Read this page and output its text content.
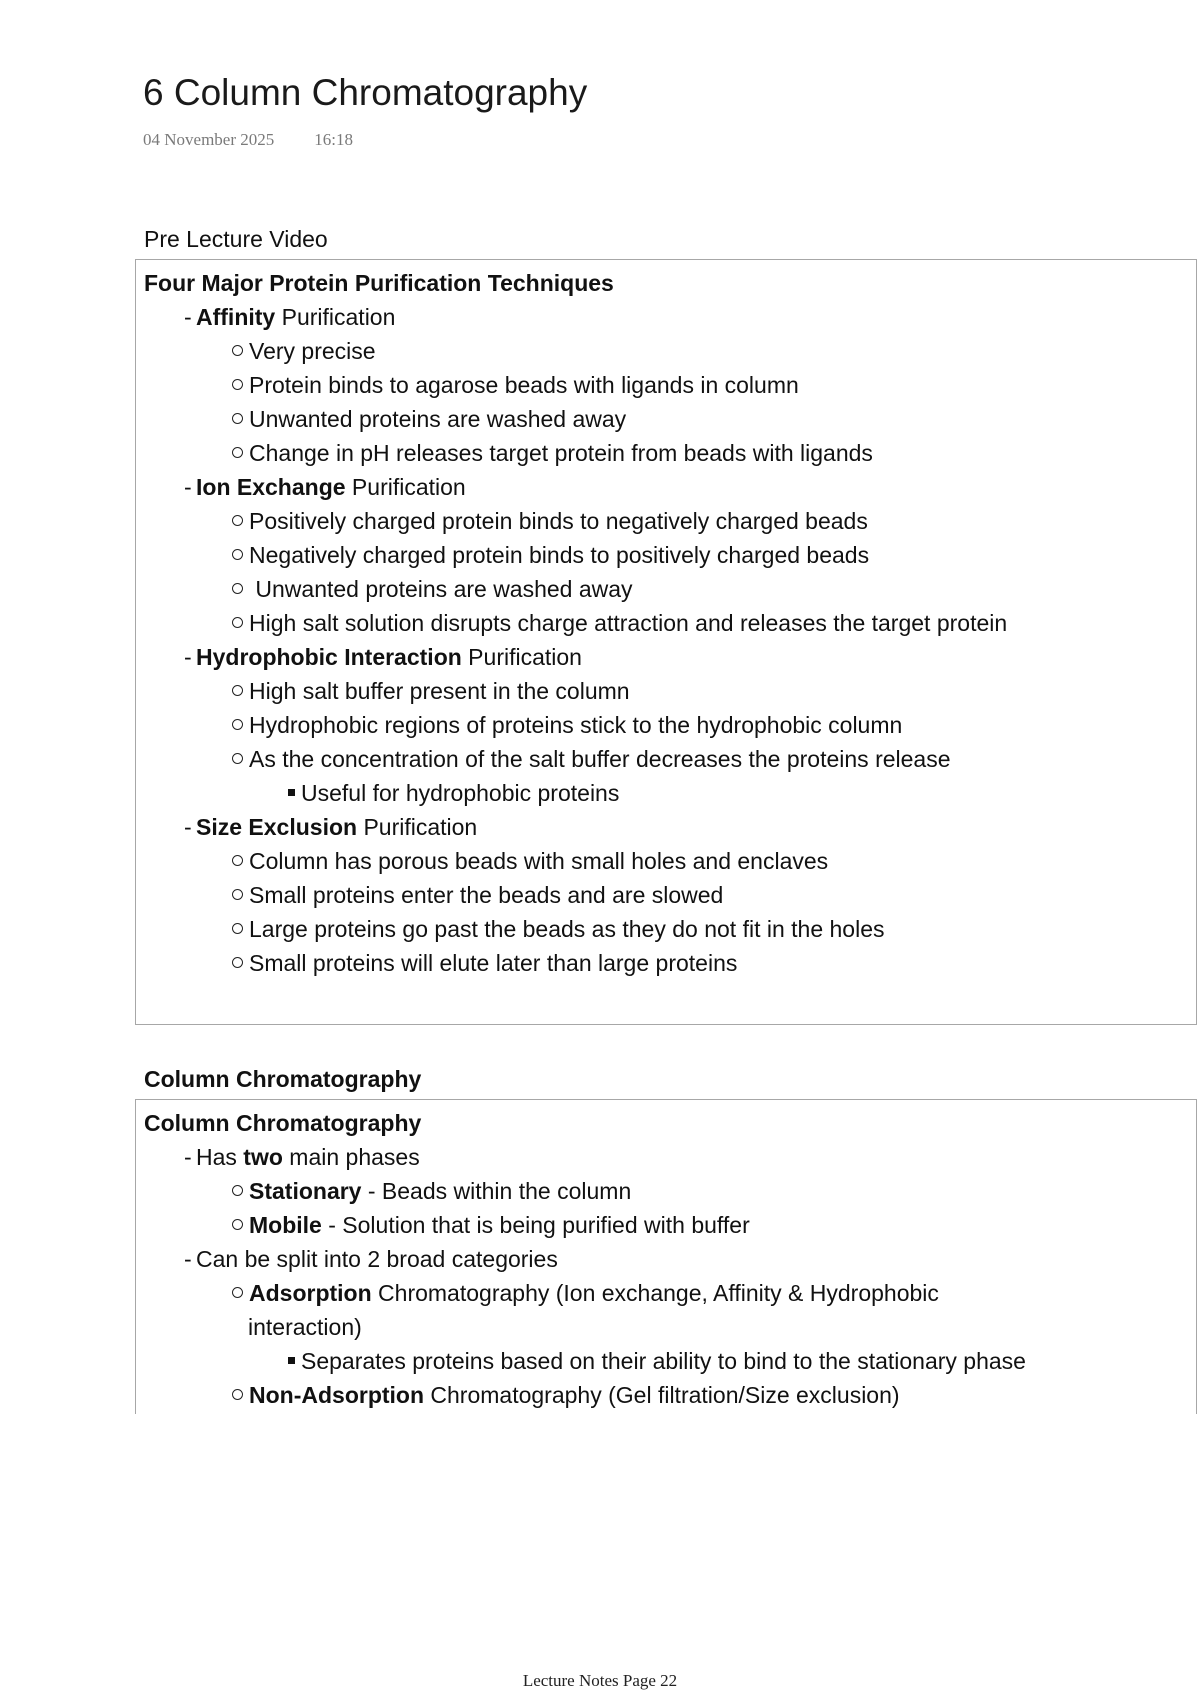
6 Column Chromatography
04 November 2025 16:18
Pre Lecture Video
Four Major Protein Purification Techniques
- Affinity Purification
Very precise
Protein binds to agarose beads with ligands in column
Unwanted proteins are washed away
Change in pH releases target protein from beads with ligands
- Ion Exchange Purification
Positively charged protein binds to negatively charged beads
Negatively charged protein binds to positively charged beads
Unwanted proteins are washed away
High salt solution disrupts charge attraction and releases the target protein
- Hydrophobic Interaction Purification
High salt buffer present in the column
Hydrophobic regions of proteins stick to the hydrophobic column
As the concentration of the salt buffer decreases the proteins release
Useful for hydrophobic proteins
- Size Exclusion Purification
Column has porous beads with small holes and enclaves
Small proteins enter the beads and are slowed
Large proteins go past the beads as they do not fit in the holes
Small proteins will elute later than large proteins
Column Chromatography
Column Chromatography
- Has two main phases
Stationary - Beads within the column
Mobile - Solution that is being purified with buffer
- Can be split into 2 broad categories
Adsorption Chromatography (Ion exchange, Affinity & Hydrophobic
interaction)
Separates proteins based on their ability to bind to the stationary phase
Non-Adsorption Chromatography (Gel filtration/Size exclusion)
Lecture Notes Page 22
